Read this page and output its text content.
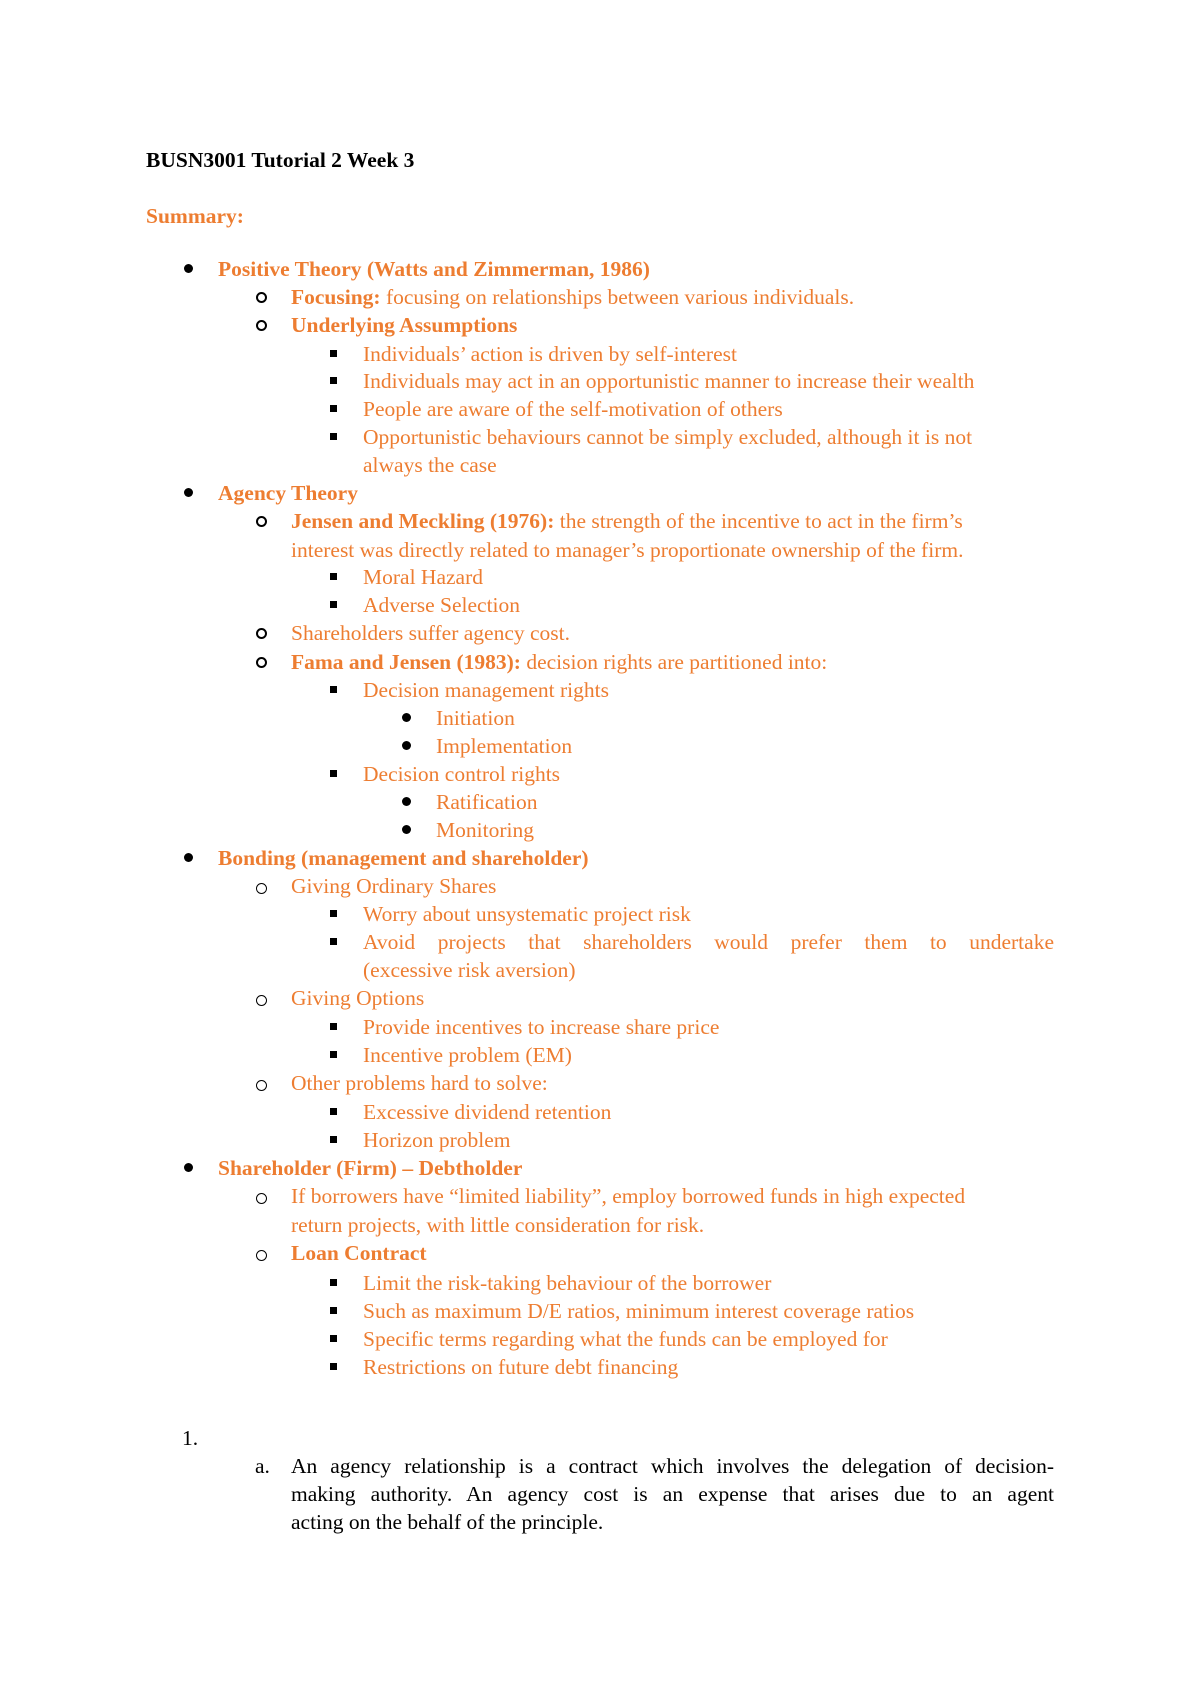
BUSN3001 Tutorial 2 Week 3
Summary:
Positive Theory (Watts and Zimmerman, 1986)
Focusing: focusing on relationships between various individuals.
Underlying Assumptions
Individuals’ action is driven by self-interest
Individuals may act in an opportunistic manner to increase their wealth
People are aware of the self-motivation of others
Opportunistic behaviours cannot be simply excluded, although it is not
always the case
Agency Theory
Jensen and Meckling (1976): the strength of the incentive to act in the firm’s
interest was directly related to manager’s proportionate ownership of the firm.
Moral Hazard
Adverse Selection
Shareholders suffer agency cost.
Fama and Jensen (1983): decision rights are partitioned into:
Decision management rights
Initiation
Implementation
Decision control rights
Ratification
Monitoring
Bonding (management and shareholder)
Giving Ordinary Shares
Worry about unsystematic project risk
Avoid projects that shareholders would prefer them to undertake
(excessive risk aversion)
Giving Options
Provide incentives to increase share price
Incentive problem (EM)
Other problems hard to solve:
Excessive dividend retention
Horizon problem
Shareholder (Firm) – Debtholder
If borrowers have “limited liability”, employ borrowed funds in high expected
return projects, with little consideration for risk.
Loan Contract
Limit the risk-taking behaviour of the borrower
Such as maximum D/E ratios, minimum interest coverage ratios
Specific terms regarding what the funds can be employed for
Restrictions on future debt financing
1.
a. An agency relationship is a contract which involves the delegation of decision-
making authority. An agency cost is an expense that arises due to an agent
acting on the behalf of the principle.
